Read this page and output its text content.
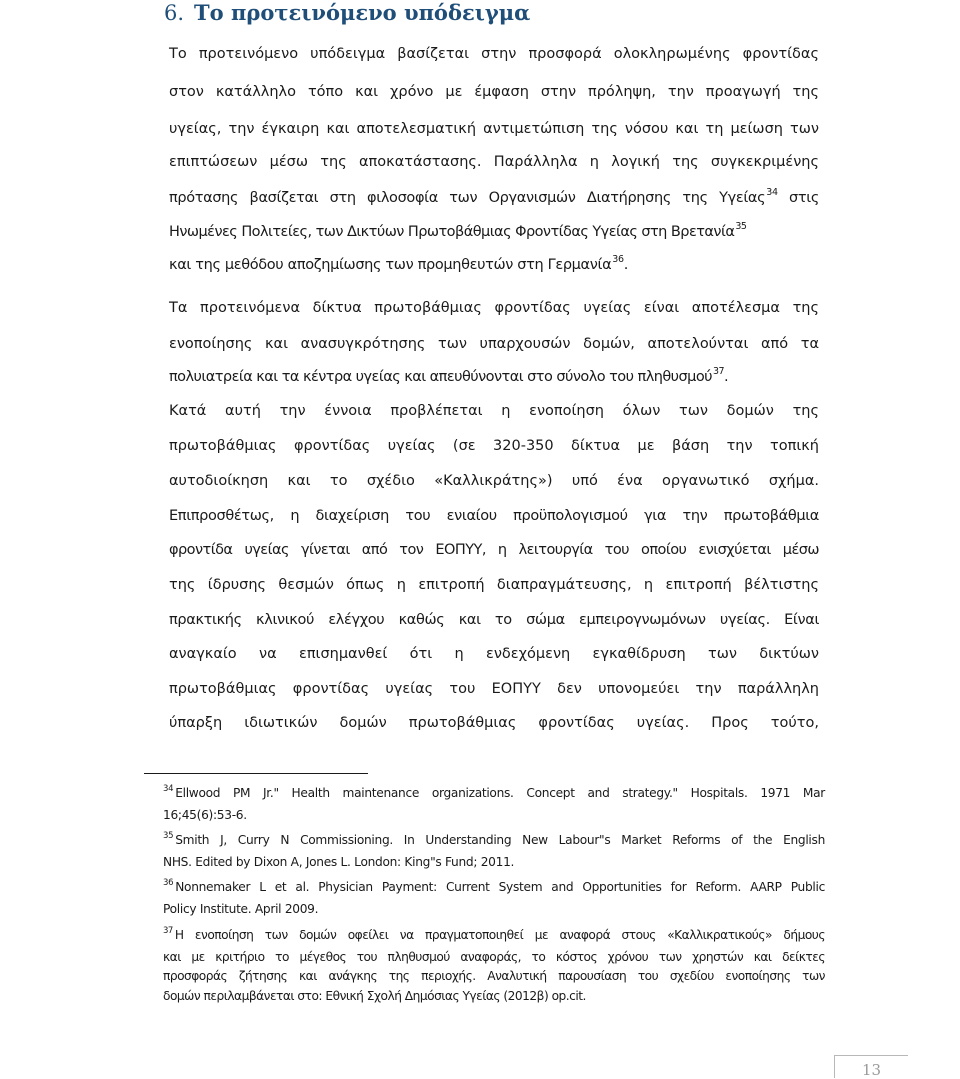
6. Το προτεινόμενο υπόδειγμα

Το προτεινόμενο υπόδειγμα βασίζεται στην προσφορά ολοκληρωμένης φροντίδας

στον κατάλληλο τόπο και χρόνο με έμφαση στην πρόληψη, την προαγωγή της

υγείας, την έγκαιρη και αποτελεσματική αντιμετώπιση της νόσου και τη μείωση των

επιπτώσεων μέσω της αποκατάστασης. Παράλληλα η λογική της συγκεκριμένης

πρότασης βασίζεται στη φιλοσοφία των Οργανισμών Διατήρησης της Υγείας$^{34}$ στις

Ηνωμένες Πολιτείες, των Δικτύων Πρωτοβάθμιας Φροντίδας Υγείας στη Βρετανία$^{35}$

και της μεθόδου αποζημίωσης των προμηθευτών στη Γερμανία$^{36}$.

Τα προτεινόμενα δίκτυα πρωτοβάθμιας φροντίδας υγείας είναι αποτέλεσμα της

ενοποίησης και ανασυγκρότησης των υπαρχουσών δομών, αποτελούνται από τα

πολυιατρεία και τα κέντρα υγείας και απευθύνονται στο σύνολο του πληθυσμού$^{37}$.

Κατά αυτή την έννοια προβλέπεται η ενοποίηση όλων των δομών της

πρωτοβάθμιας φροντίδας υγείας (σε 320-350 δίκτυα με βάση την τοπική

αυτοδιοίκηση και το σχέδιο «Καλλικράτης») υπό ένα οργανωτικό σχήμα.

Επιπροσθέτως, η διαχείριση του ενιαίου προϋπολογισμού για την πρωτοβάθμια

φροντίδα υγείας γίνεται από τον ΕΟΠΥΥ, η λειτουργία του οποίου ενισχύεται μέσω

της ίδρυσης θεσμών όπως η επιτροπή διαπραγμάτευσης, η επιτροπή βέλτιστης

πρακτικής κλινικού ελέγχου καθώς και το σώμα εμπειρογνωμόνων υγείας. Είναι

αναγκαίο να επισημανθεί ότι η ενδεχόμενη εγκαθίδρυση των δικτύων

πρωτοβάθμιας φροντίδας υγείας του ΕΟΠΥΥ δεν υπονομεύει την παράλληλη

ύπαρξη ιδιωτικών δομών πρωτοβάθμιας φροντίδας υγείας. Προς τούτο,

$^{34}$ Ellwood PM Jr." Health maintenance organizations. Concept and strategy." Hospitals. 1971 Mar
16;45(6):53-6.
$^{35}$ Smith J, Curry N Commissioning. In Understanding New Labour"s Market Reforms of the English
NHS. Edited by Dixon A, Jones L. London: King"s Fund; 2011.
$^{36}$ Nonnemaker L et al. Physician Payment: Current System and Opportunities for Reform. AARP Public
Policy Institute. April 2009.
$^{37}$ Η ενοποίηση των δομών οφείλει να πραγματοποιηθεί με αναφορά στους «Καλλικρατικούς» δήμους
και με κριτήριο το μέγεθος του πληθυσμού αναφοράς, το κόστος χρόνου των χρηστών και δείκτες
προσφοράς ζήτησης και ανάγκης της περιοχής. Αναλυτική παρουσίαση του σχεδίου ενοποίησης των
δομών περιλαμβάνεται στο: Εθνική Σχολή Δημόσιας Υγείας (2012β) op.cit.
13
